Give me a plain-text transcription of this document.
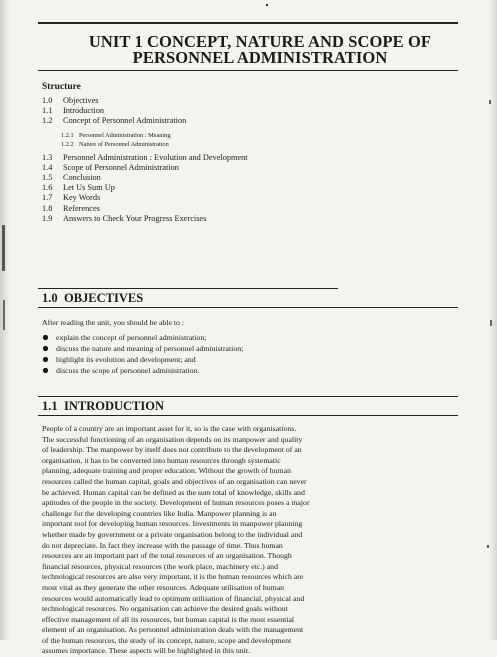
UNIT 1 CONCEPT, NATURE AND SCOPE OF
PERSONNEL ADMINISTRATION
Structure
1.0 Objectives
1.1 Introduction
1.2 Concept of Personnel Administration
1.2.1 Personnel Administration : Meaning
1.2.2 Nature of Personnel Administration
1.3 Personnel Administration : Evolution and Development
1.4 Scope of Personnel Administration
1.5 Conclusion
1.6 Let Us Sum Up
1.7 Key Words
1.8 References
1.9 Answers to Check Your Progress Exercises
1.0 OBJECTIVES
After reading the unit, you should be able to :
explain the concept of personnel administration;
discuss the nature and meaning of personnel administration;
highlight its evolution and development; and
discuss the scope of personnel administration.
1.1 INTRODUCTION
People of a country are an important asset for it, so is the case with organisations.
The successful functioning of an organisation depends on its manpower and quality
of leadership. The manpower by itself does not contribute to the development of an
organisation, it has to be converted into human resources through systematic
planning, adequate training and proper education. Without the growth of human
resources called the human capital, goals and objectives of an organisation can never
be achieved. Human capital can be defined as the sum total of knowledge, skills and
aptitudes of the people in the society. Development of human resources poses a major
challenge for the developing countries like India. Manpower planning is an
important tool for developing human resources. Investments in manpower planning
whether made by government or a private organisation belong to the individual and
do not depreciate. In fact they increase with the passage of time. Thus human
resources are an important part of the total resources of an organisation. Though
financial resources, physical resources (the work place, machinery etc.) and
technological resources are also very important, it is the human resources which are
most vital as they generate the other resources. Adequate utilisation of human
resources would automatically lead to optimum utilisation of financial, physical and
technological resources. No organisation can achieve the desired goals without
effective management of all its resources, but human capital is the most essential
element of an organisation. As personnel administration deals with the management
of the human resources, the study of its concept, nature, scope and development
assumes importance. These aspects will be highlighted in this unit.
